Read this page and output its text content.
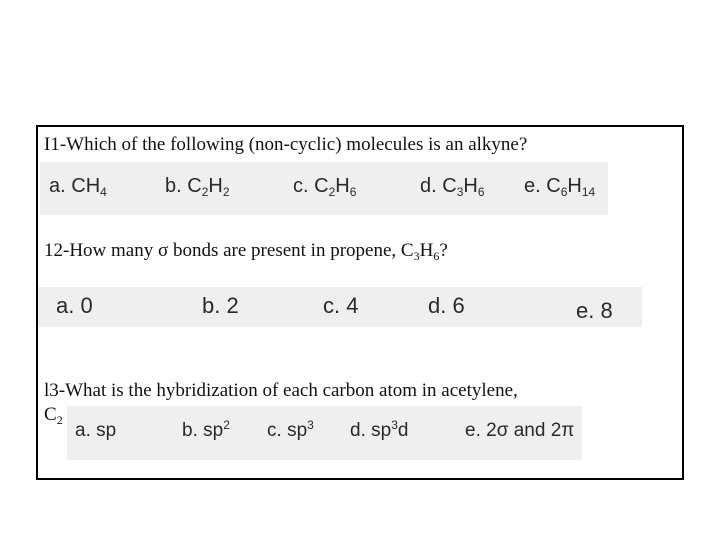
I1-Which of the following (non-cyclic) molecules is an alkyne?
a. $CH_4$	b. $C_2H_2$	c. $C_2H_6$	d. $C_3H_6$ e. $C_6H_{14}$
12-How many σ bonds are present in propene, $C_3H_6$?
a. 0	b. 2	c. 4	d. 6	e. 8
l3-What is the hybridization of each carbon atom in acetylene,
$C_2$ a. sp	b. $sp^2$ c. $sp^3$ d. $sp^3d$	e. 2σ and 2π
